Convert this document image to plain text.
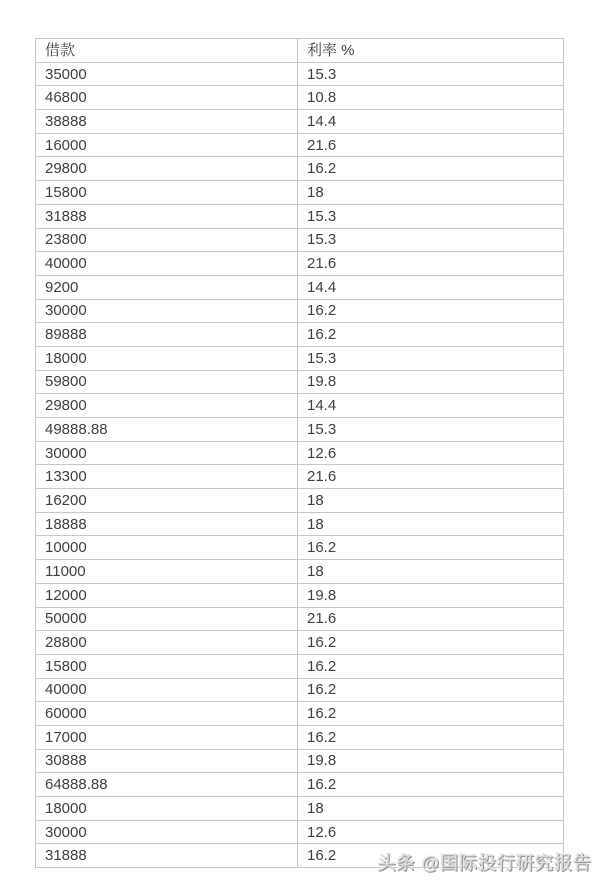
借款	利率 %
35000	15.3
46800	10.8
38888	14.4
16000	21.6
29800	16.2
15800	18
31888	15.3
23800	15.3
40000	21.6
9200	14.4
30000	16.2
89888	16.2
18000	15.3
59800	19.8
29800	14.4
49888.88	15.3
30000	12.6
13300	21.6
16200	18
18888	18
10000	16.2
11000	18
12000	19.8
50000	21.6
28800	16.2
15800	16.2
40000	16.2
60000	16.2
17000	16.2
30888	19.8
64888.88	16.2
18000	18
30000	12.6
31888	16.2 头条 @国际投行研究报告
